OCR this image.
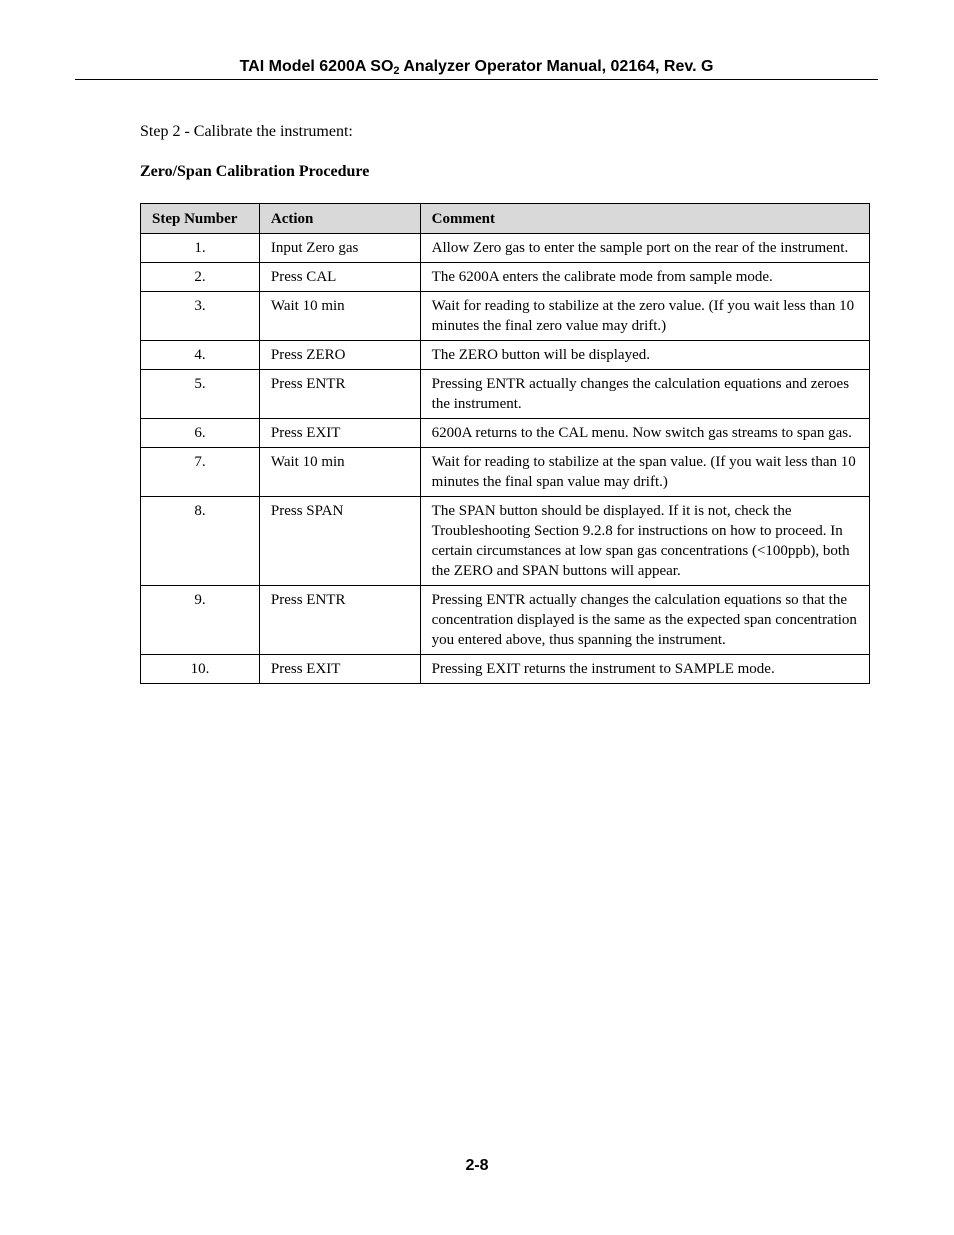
TAI Model 6200A $SO_2$ Analyzer Operator Manual, 02164, Rev. G
Step 2 - Calibrate the instrument:
Zero/Span Calibration Procedure
Step Number	Action	Comment
1.	Input Zero gas	Allow Zero gas to enter the sample port on the rear of the instrument.
2.	Press CAL	The 6200A enters the calibrate mode from sample mode.
3.	Wait 10 min	Wait for reading to stabilize at the zero value. (If you wait less than 10 minutes the final zero value may drift.)
4.	Press ZERO	The ZERO button will be displayed.
5.	Press ENTR	Pressing ENTR actually changes the calculation equations and zeroes the instrument.
6.	Press EXIT	6200A returns to the CAL menu. Now switch gas streams to span gas.
7.	Wait 10 min	Wait for reading to stabilize at the span value. (If you wait less than 10 minutes the final span value may drift.)
8.	Press SPAN	The SPAN button should be displayed. If it is not, check the Troubleshooting Section 9.2.8 for instructions on how to proceed. In certain circumstances at low span gas concentrations (<100ppb), both the ZERO and SPAN buttons will appear.
9.	Press ENTR	Pressing ENTR actually changes the calculation equations so that the concentration displayed is the same as the expected span concentration you entered above, thus spanning the instrument.
10.	Press EXIT	Pressing EXIT returns the instrument to SAMPLE mode.
2-8
